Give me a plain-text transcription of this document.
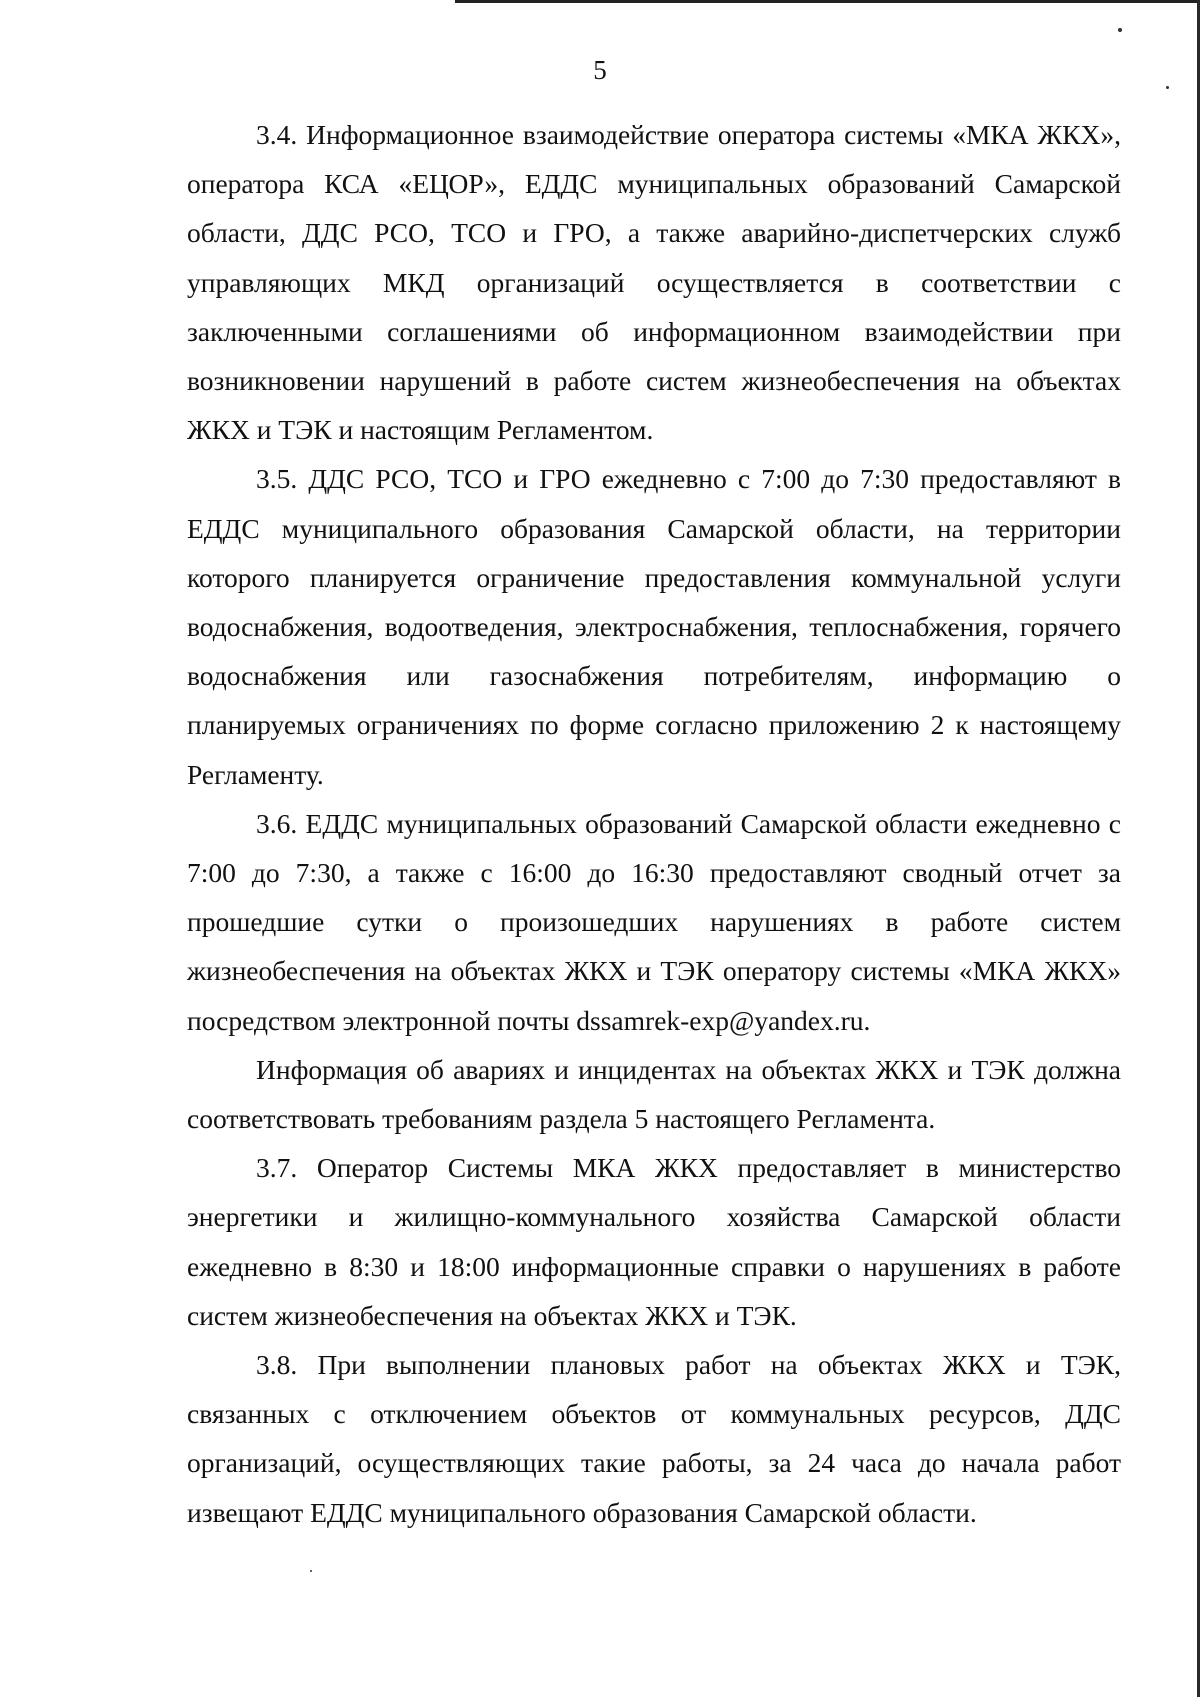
5

3.4. Информационное взаимодействие оператора системы «МКА ЖКХ», оператора КСА «ЕЦОР», ЕДДС муниципальных образований Самарской области, ДДС РСО, ТСО и ГРО, а также аварийно-диспетчерских служб управляющих МКД организаций осуществляется в соответствии с заключенными соглашениями об информационном взаимодействии при возникновении нарушений в работе систем жизнеобеспечения на объектах ЖКХ и ТЭК и настоящим Регламентом.

3.5. ДДС РСО, ТСО и ГРО ежедневно с 7:00 до 7:30 предоставляют в ЕДДС муниципального образования Самарской области, на территории которого планируется ограничение предоставления коммунальной услуги водоснабжения, водоотведения, электроснабжения, теплоснабжения, горячего водоснабжения или газоснабжения потребителям, информацию о планируемых ограничениях по форме согласно приложению 2 к настоящему Регламенту.

3.6. ЕДДС муниципальных образований Самарской области ежедневно с 7:00 до 7:30, а также с 16:00 до 16:30 предоставляют сводный отчет за прошедшие сутки о произошедших нарушениях в работе систем жизнеобеспечения на объектах ЖКХ и ТЭК оператору системы «МКА ЖКХ» посредством электронной почты dssamrek-exp@yandex.ru.

Информация об авариях и инцидентах на объектах ЖКХ и ТЭК должна соответствовать требованиям раздела 5 настоящего Регламента.

3.7. Оператор Системы МКА ЖКХ предоставляет в министерство энергетики и жилищно-коммунального хозяйства Самарской области ежедневно в 8:30 и 18:00 информационные справки о нарушениях в работе систем жизнеобеспечения на объектах ЖКХ и ТЭК.

3.8. При выполнении плановых работ на объектах ЖКХ и ТЭК, связанных с отключением объектов от коммунальных ресурсов, ДДС организаций, осуществляющих такие работы, за 24 часа до начала работ извещают ЕДДС муниципального образования Самарской области.
